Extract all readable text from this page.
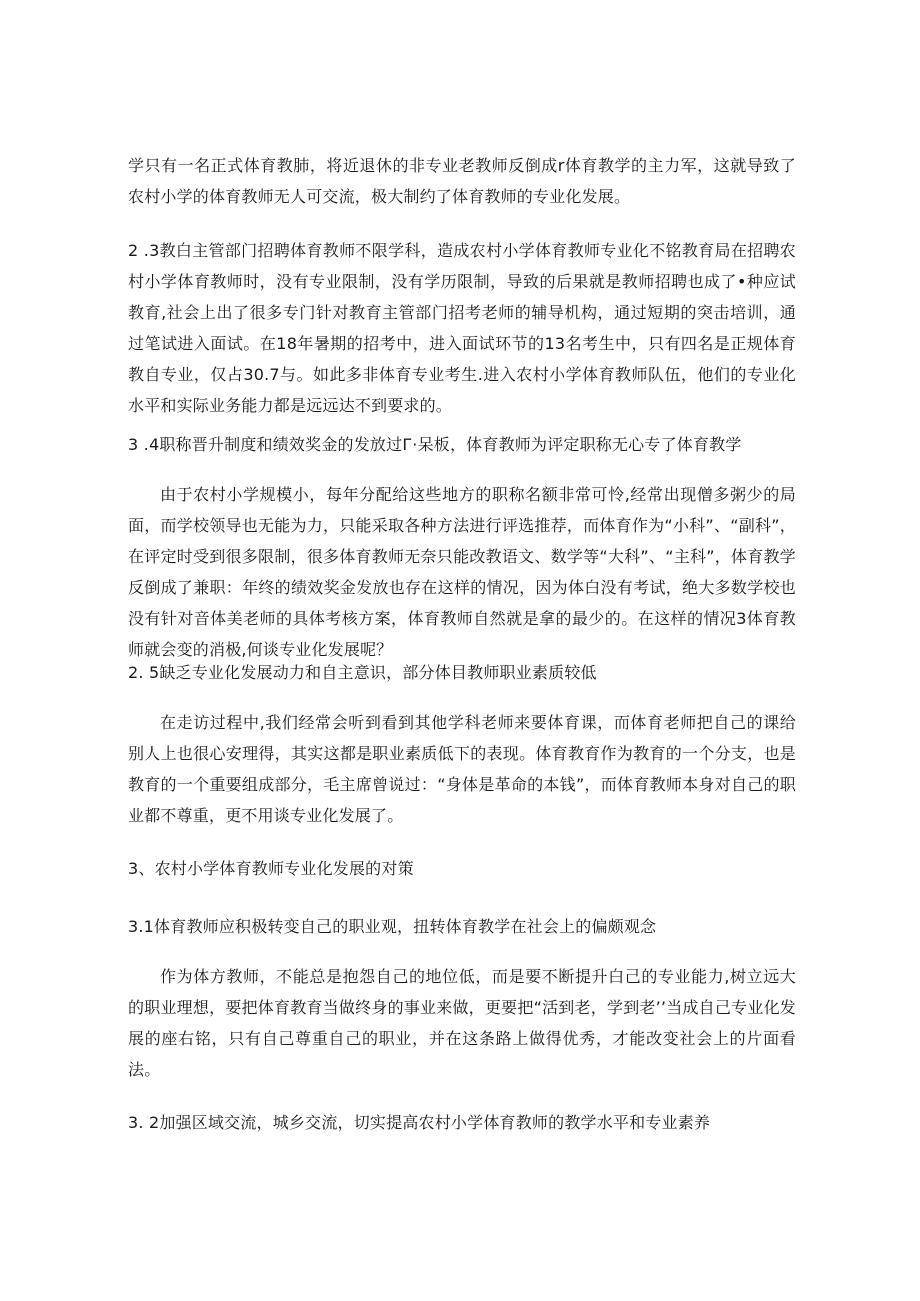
学只有一名正式体育教肺，将近退休的非专业老教师反倒成r体育教学的主力军，这就导致了农村小学的体育教师无人可交流，极大制约了体育教师的专业化发展。

2 .3教白主管部门招聘体育教师不限学科，造成农村小学体育教师专业化不铭教育局在招聘农村小学体育教师时，没有专业限制，没有学历限制，导致的后果就是教师招聘也成了•种应试教育,社会上出了很多专门针对教育主管部门招考老师的辅导机构，通过短期的突击培训，通过笔试进入面试。在18年暑期的招考中，进入面试环节的13名考生中，只有四名是正规体育教自专业，仅占30.7与。如此多非体育专业考生.进入农村小学体育教师队伍，他们的专业化水平和实际业务能力都是远远达不到要求的。

3 .4职称晋升制度和绩效奖金的发放过Г·呆板，体育教师为评定职称无心专了体育教学

由于农村小学规模小，每年分配给这些地方的职称名额非常可怜,经常出现僧多粥少的局面，而学校领导也无能为力，只能采取各种方法进行评选推荐，而体育作为“小科”、“副科”，在评定时受到很多限制，很多体育教师无奈只能改教语文、数学等“大科”、“主科”，体育教学反倒成了兼职：年终的绩效奖金发放也存在这样的情况，因为体白没有考试，绝大多数学校也没有针对音体美老师的具体考核方案，体育教师自然就是拿的最少的。在这样的情况3体育教师就会变的消极,何谈专业化发展呢？

2. 5缺乏专业化发展动力和自主意识，部分体目教师职业素质较低

在走访过程中,我们经常会听到看到其他学科老师来要体育课，而体育老师把自己的课给别人上也很心安理得，其实这都是职业素质低下的表现。体育教育作为教育的一个分支，也是教育的一个重要组成部分，毛主席曾说过：“身体是革命的本钱”，而体育教师本身对自己的职业都不尊重，更不用谈专业化发展了。

3、农村小学体育教师专业化发展的对策

3.1体育教师应积极转变自己的职业观，扭转体育教学在社会上的偏颇观念

作为体方教师，不能总是抱怨自己的地位低，而是要不断提升白己的专业能力,树立远大的职业理想，要把体育教育当做终身的事业来做，更要把“活到老，学到老’’当成自己专业化发展的座右铭，只有自己尊重自己的职业，并在这条路上做得优秀，才能改变社会上的片面看法。

3. 2加强区域交流，城乡交流，切实提高农村小学体育教师的教学水平和专业素养
